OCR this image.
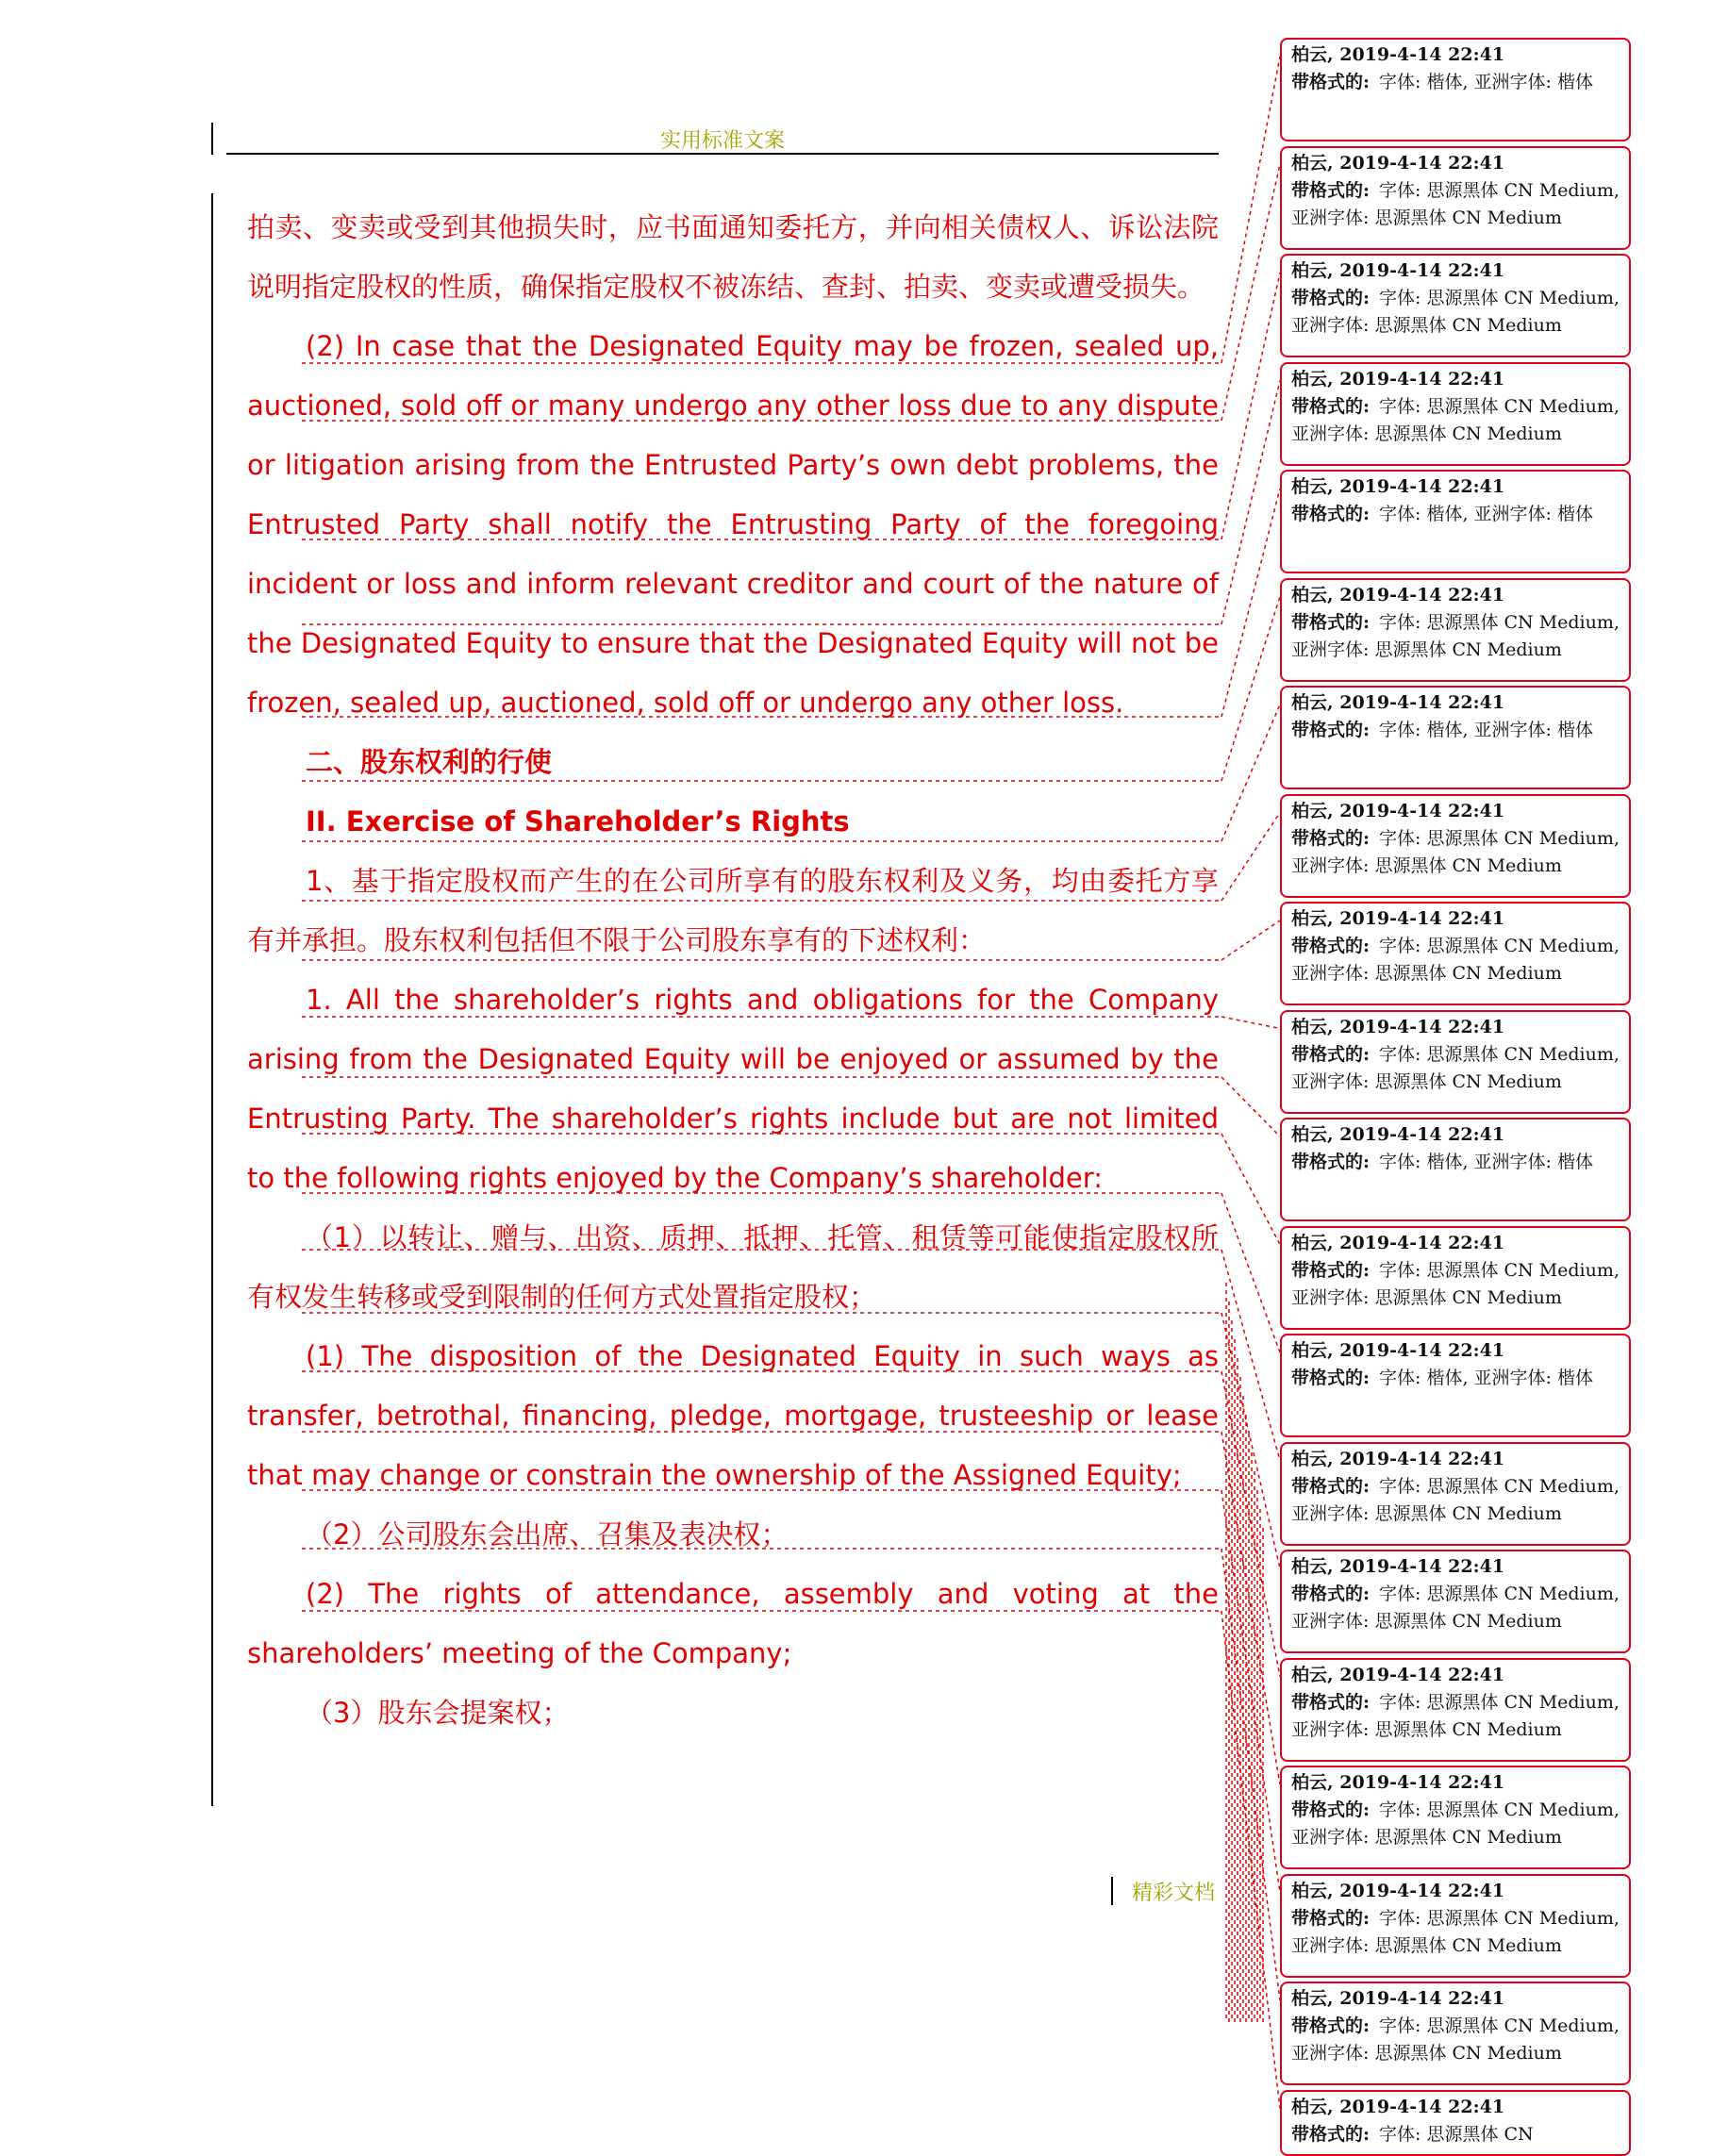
实用标准文案

拍卖、变卖或受到其他损失时，应书面通知委托方，并向相关债权人、诉讼法院说明指定股权的性质，确保指定股权不被冻结、查封、拍卖、变卖或遭受损失。

(2) In case that the Designated Equity may be frozen, sealed up, auctioned, sold off or many undergo any other loss due to any dispute or litigation arising from the Entrusted Party’s own debt problems, the Entrusted Party shall notify the Entrusting Party of the foregoing incident or loss and inform relevant creditor and court of the nature of the Designated Equity to ensure that the Designated Equity will not be frozen, sealed up, auctioned, sold off or undergo any other loss.

二、股东权利的行使

II. Exercise of Shareholder’s Rights

1、基于指定股权而产生的在公司所享有的股东权利及义务，均由委托方享有并承担。股东权利包括但不限于公司股东享有的下述权利：

1. All the shareholder’s rights and obligations for the Company arising from the Designated Equity will be enjoyed or assumed by the Entrusting Party. The shareholder’s rights include but are not limited to the following rights enjoyed by the Company’s shareholder:

（1）以转让、赠与、出资、质押、抵押、托管、租赁等可能使指定股权所有权发生转移或受到限制的任何方式处置指定股权；

(1) The disposition of the Designated Equity in such ways as transfer, betrothal, financing, pledge, mortgage, trusteeship or lease that may change or constrain the ownership of the Assigned Equity;

（2）公司股东会出席、召集及表决权；

(2) The rights of attendance, assembly and voting at the shareholders’ meeting of the Company;

（3）股东会提案权；

柏云, 2019-4-14 22:41
带格式的: 字体: 楷体, 亚洲字体: 楷体
柏云, 2019-4-14 22:41
带格式的: 字体: 思源黑体 CN Medium, 亚洲字体: 思源黑体 CN Medium
柏云, 2019-4-14 22:41
带格式的: 字体: 思源黑体 CN Medium, 亚洲字体: 思源黑体 CN Medium
柏云, 2019-4-14 22:41
带格式的: 字体: 思源黑体 CN Medium, 亚洲字体: 思源黑体 CN Medium
柏云, 2019-4-14 22:41
带格式的: 字体: 楷体, 亚洲字体: 楷体
柏云, 2019-4-14 22:41
带格式的: 字体: 思源黑体 CN Medium, 亚洲字体: 思源黑体 CN Medium
柏云, 2019-4-14 22:41
带格式的: 字体: 楷体, 亚洲字体: 楷体
柏云, 2019-4-14 22:41
带格式的: 字体: 思源黑体 CN Medium, 亚洲字体: 思源黑体 CN Medium
柏云, 2019-4-14 22:41
带格式的: 字体: 思源黑体 CN Medium, 亚洲字体: 思源黑体 CN Medium
柏云, 2019-4-14 22:41
带格式的: 字体: 思源黑体 CN Medium, 亚洲字体: 思源黑体 CN Medium
柏云, 2019-4-14 22:41
带格式的: 字体: 楷体, 亚洲字体: 楷体
柏云, 2019-4-14 22:41
带格式的: 字体: 思源黑体 CN Medium, 亚洲字体: 思源黑体 CN Medium
柏云, 2019-4-14 22:41
带格式的: 字体: 楷体, 亚洲字体: 楷体
柏云, 2019-4-14 22:41
带格式的: 字体: 思源黑体 CN Medium, 亚洲字体: 思源黑体 CN Medium
柏云, 2019-4-14 22:41
带格式的: 字体: 思源黑体 CN Medium, 亚洲字体: 思源黑体 CN Medium
柏云, 2019-4-14 22:41
带格式的: 字体: 思源黑体 CN Medium, 亚洲字体: 思源黑体 CN Medium
柏云, 2019-4-14 22:41
带格式的: 字体: 思源黑体 CN Medium, 亚洲字体: 思源黑体 CN Medium
柏云, 2019-4-14 22:41
带格式的: 字体: 思源黑体 CN Medium, 亚洲字体: 思源黑体 CN Medium
柏云, 2019-4-14 22:41
带格式的: 字体: 思源黑体 CN Medium, 亚洲字体: 思源黑体 CN Medium
柏云, 2019-4-14 22:41
带格式的: 字体: 思源黑体 CN
精彩文档
